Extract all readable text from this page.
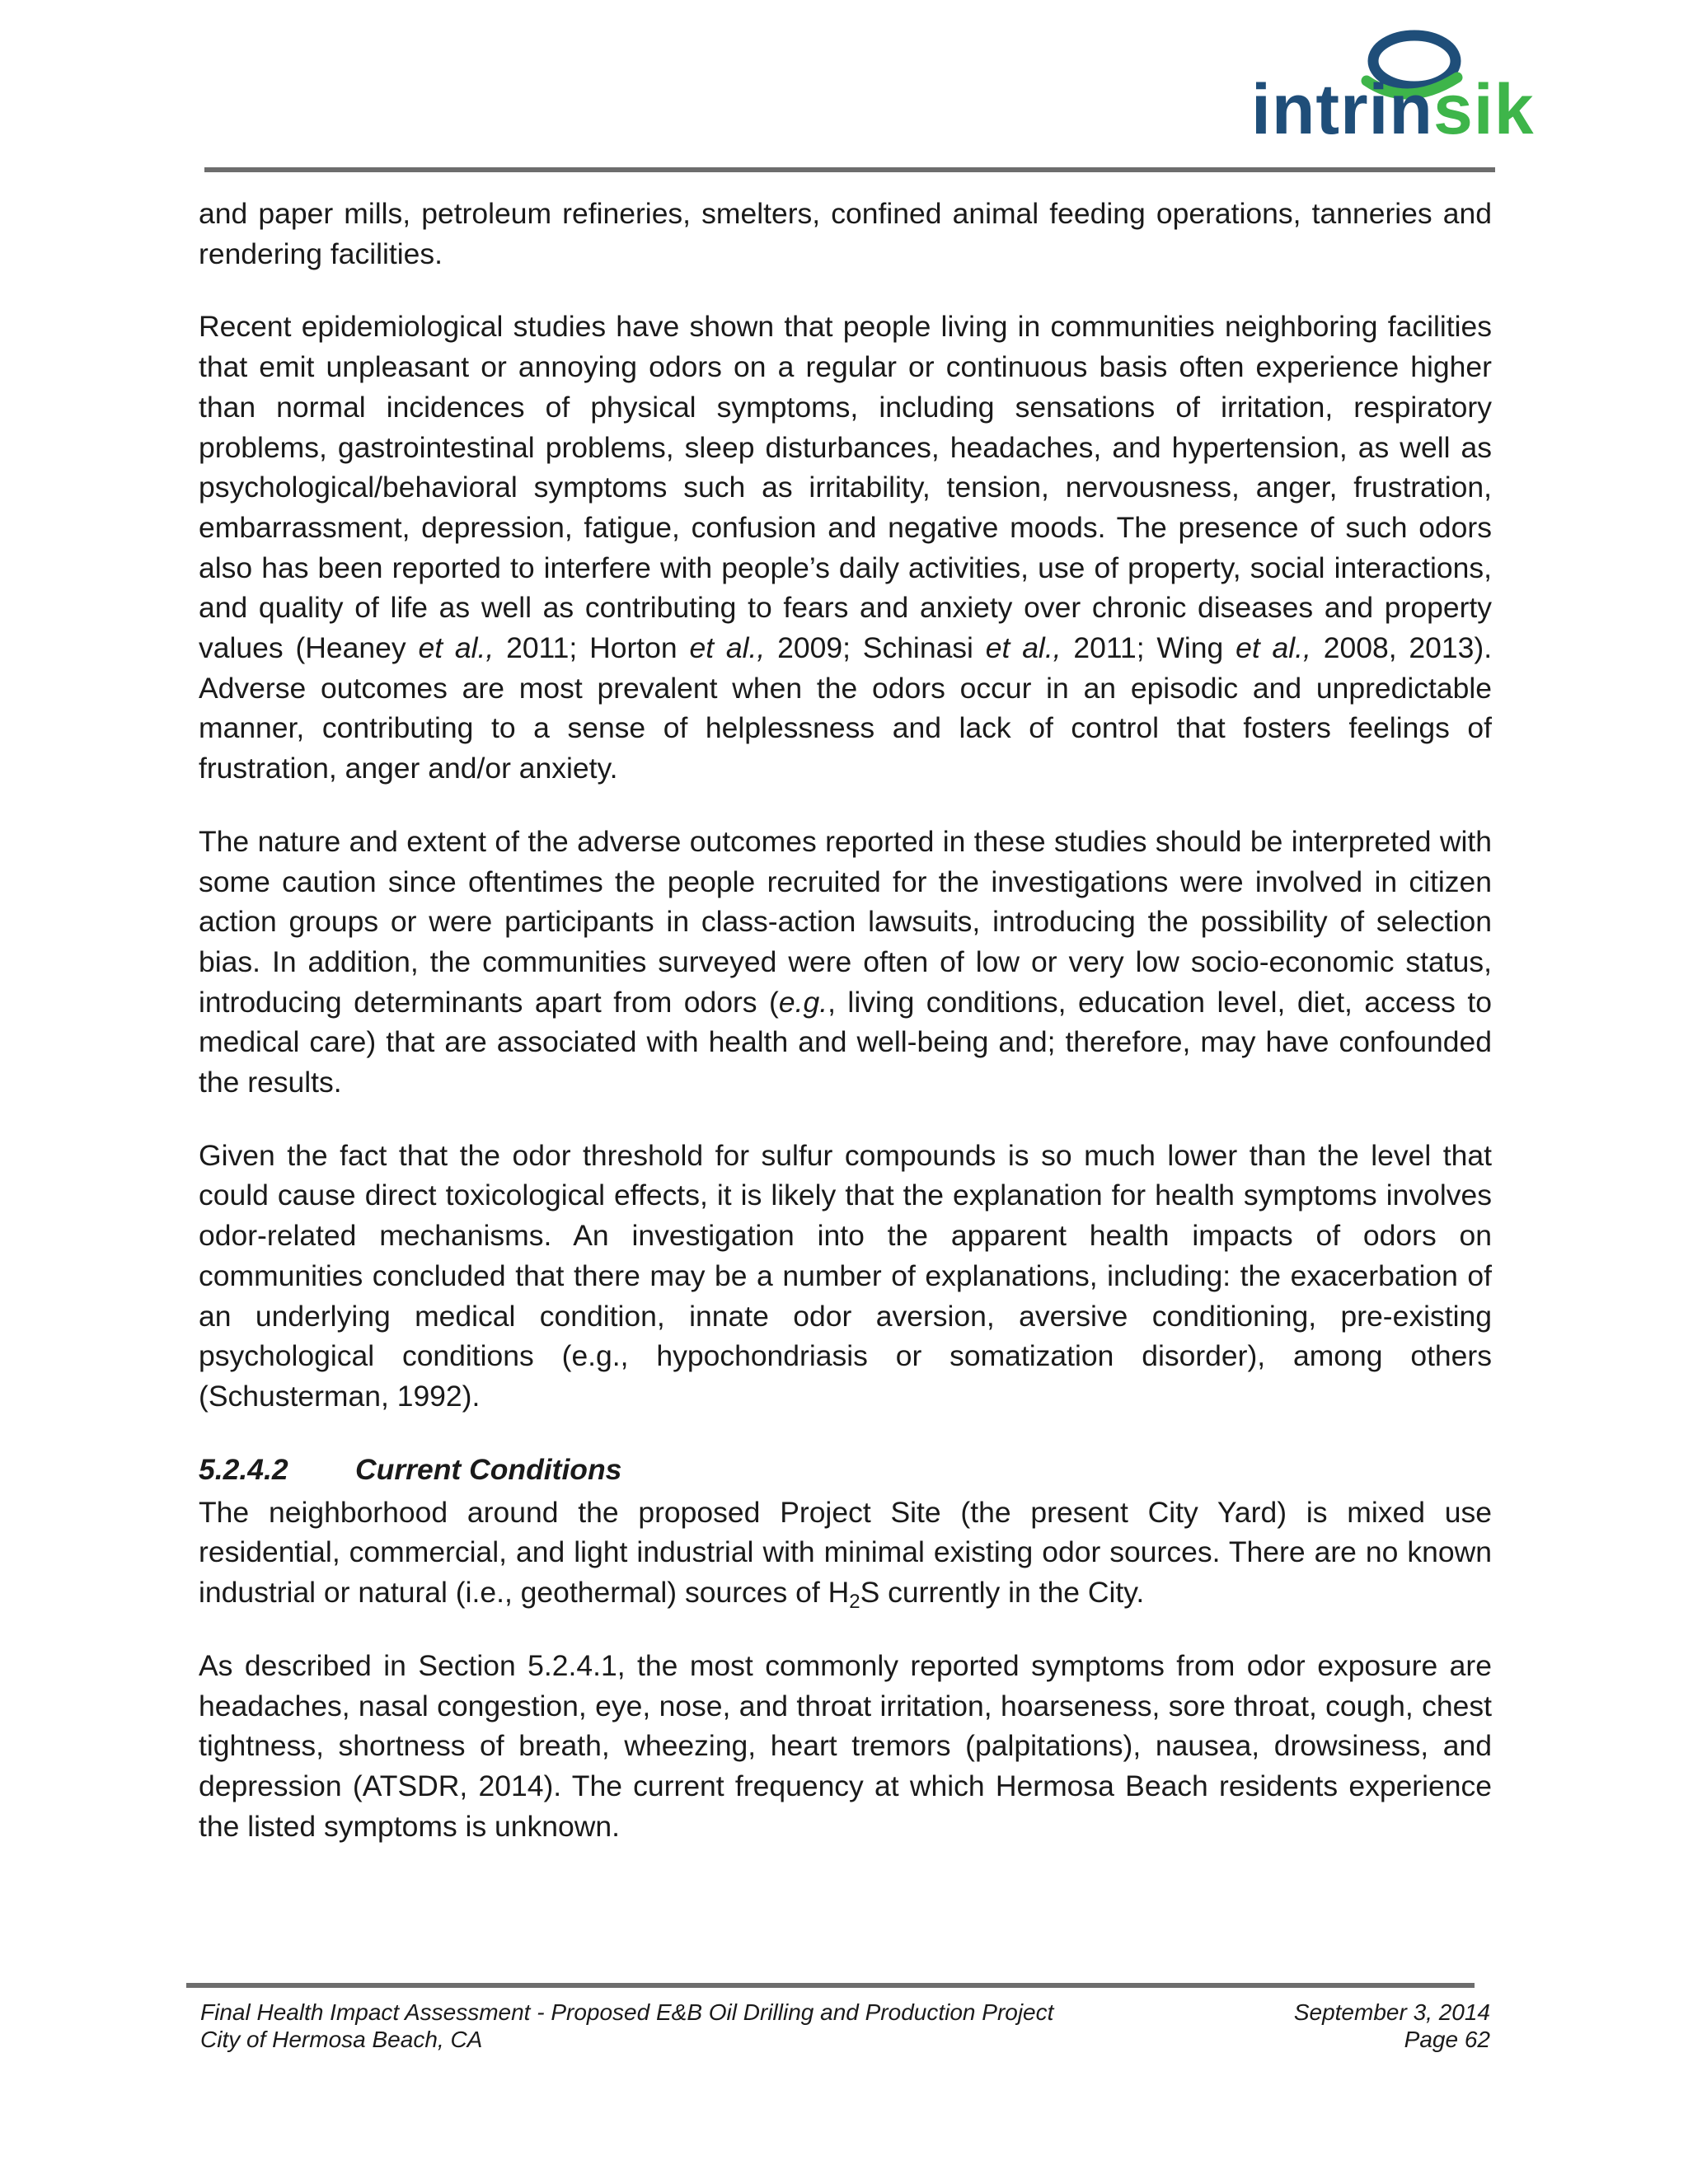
intrinsik

and paper mills, petroleum refineries, smelters, confined animal feeding operations, tanneries and rendering facilities.

Recent epidemiological studies have shown that people living in communities neighboring facilities that emit unpleasant or annoying odors on a regular or continuous basis often experience higher than normal incidences of physical symptoms, including sensations of irritation, respiratory problems, gastrointestinal problems, sleep disturbances, headaches, and hypertension, as well as psychological/behavioral symptoms such as irritability, tension, nervousness, anger, frustration, embarrassment, depression, fatigue, confusion and negative moods. The presence of such odors also has been reported to interfere with people’s daily activities, use of property, social interactions, and quality of life as well as contributing to fears and anxiety over chronic diseases and property values (Heaney et al., 2011; Horton et al., 2009; Schinasi et al., 2011; Wing et al., 2008, 2013). Adverse outcomes are most prevalent when the odors occur in an episodic and unpredictable manner, contributing to a sense of helplessness and lack of control that fosters feelings of frustration, anger and/or anxiety.

The nature and extent of the adverse outcomes reported in these studies should be interpreted with some caution since oftentimes the people recruited for the investigations were involved in citizen action groups or were participants in class-action lawsuits, introducing the possibility of selection bias. In addition, the communities surveyed were often of low or very low socio-economic status, introducing determinants apart from odors (e.g., living conditions, education level, diet, access to medical care) that are associated with health and well-being and; therefore, may have confounded the results.

Given the fact that the odor threshold for sulfur compounds is so much lower than the level that could cause direct toxicological effects, it is likely that the explanation for health symptoms involves odor-related mechanisms. An investigation into the apparent health impacts of odors on communities concluded that there may be a number of explanations, including: the exacerbation of an underlying medical condition, innate odor aversion, aversive conditioning, pre-existing psychological conditions (e.g., hypochondriasis or somatization disorder), among others (Schusterman, 1992).

5.2.4.2 Current Conditions

The neighborhood around the proposed Project Site (the present City Yard) is mixed use residential, commercial, and light industrial with minimal existing odor sources. There are no known industrial or natural (i.e., geothermal) sources of $H_2S$ currently in the City.

As described in Section 5.2.4.1, the most commonly reported symptoms from odor exposure are headaches, nasal congestion, eye, nose, and throat irritation, hoarseness, sore throat, cough, chest tightness, shortness of breath, wheezing, heart tremors (palpitations), nausea, drowsiness, and depression (ATSDR, 2014). The current frequency at which Hermosa Beach residents experience the listed symptoms is unknown.

Final Health Impact Assessment - Proposed E&B Oil Drilling and Production Project	September 3, 2014
City of Hermosa Beach, CA	Page 62
